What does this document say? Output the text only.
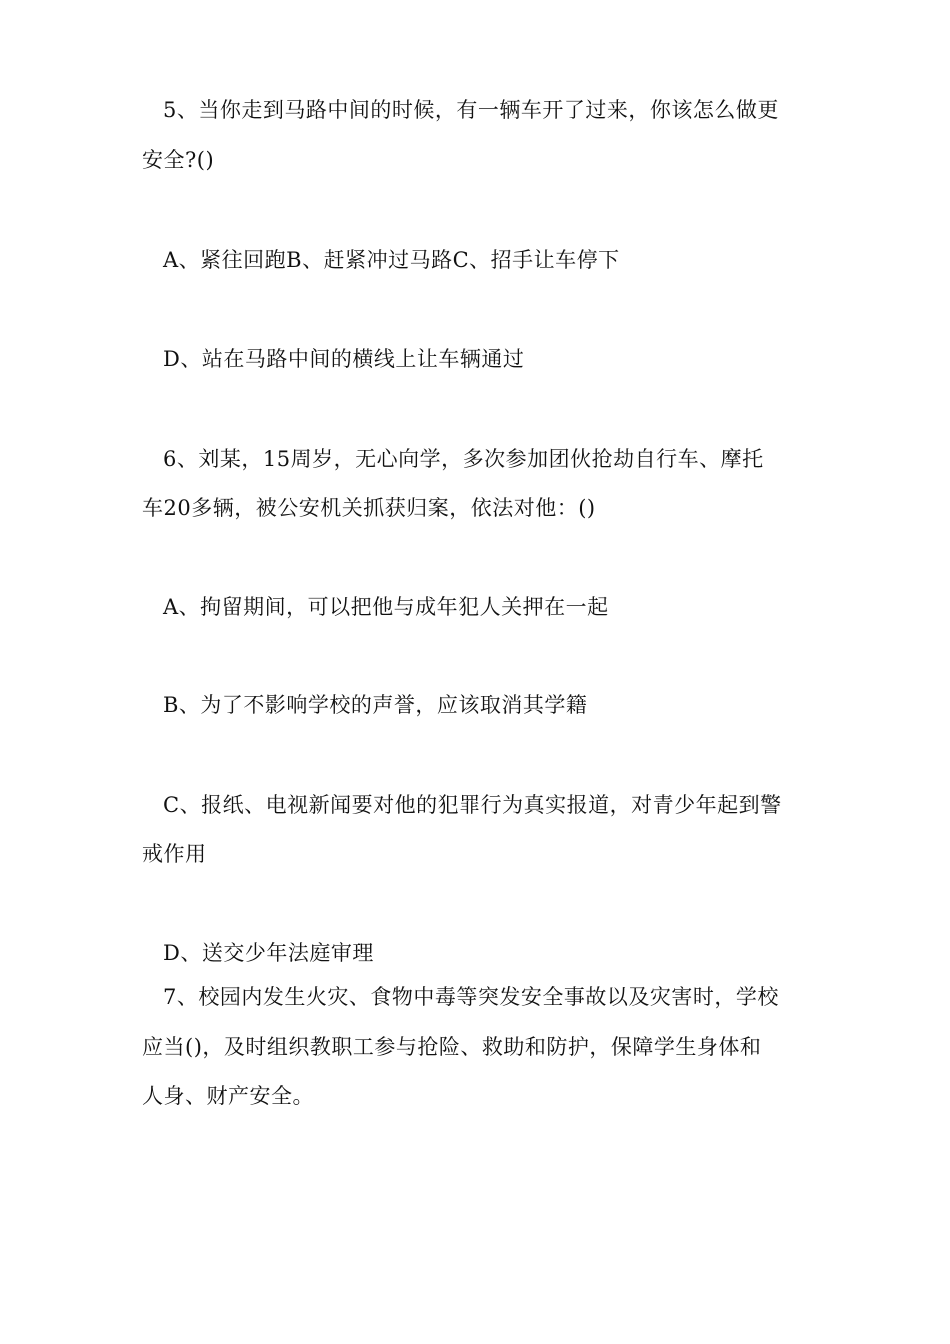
5、当你走到马路中间的时候，有一辆车开了过来，你该怎么做更
安全?()
A、紧往回跑B、赶紧冲过马路C、招手让车停下
D、站在马路中间的横线上让车辆通过
6、刘某，15周岁，无心向学，多次参加团伙抢劫自行车、摩托
车20多辆，被公安机关抓获归案，依法对他：()
A、拘留期间，可以把他与成年犯人关押在一起
B、为了不影响学校的声誉，应该取消其学籍
C、报纸、电视新闻要对他的犯罪行为真实报道，对青少年起到警
戒作用
D、送交少年法庭审理
7、校园内发生火灾、食物中毒等突发安全事故以及灾害时，学校
应当()，及时组织教职工参与抢险、救助和防护，保障学生身体和
人身、财产安全。
